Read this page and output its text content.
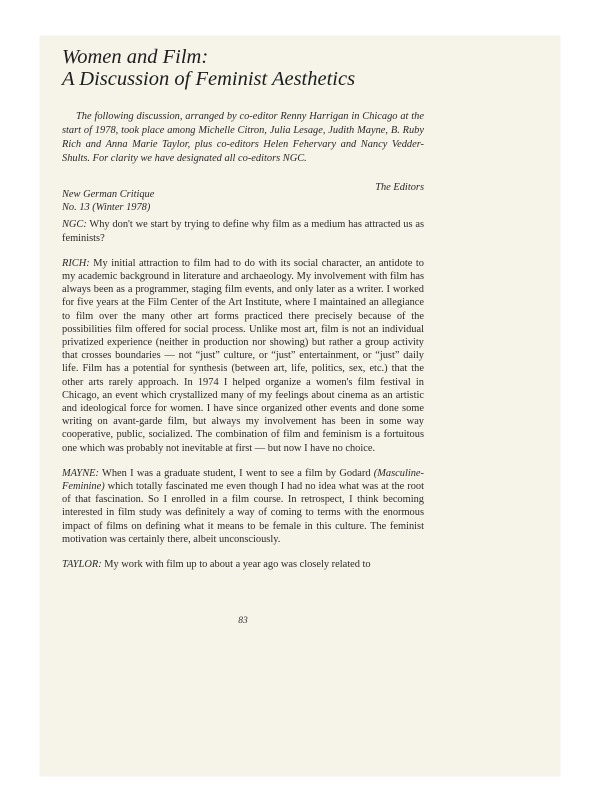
Women and Film:
A Discussion of Feminist Aesthetics

The following discussion, arranged by co-editor Renny Harrigan in Chicago at the start of 1978, took place among Michelle Citron, Julia Lesage, Judith Mayne, B. Ruby Rich and Anna Marie Taylor, plus co-editors Helen Fehervary and Nancy Vedder-Shults. For clarity we have designated all co-editors NGC.

The Editors
New German Critique
No. 13 (Winter 1978)

NGC: Why don't we start by trying to define why film as a medium has attracted us as feminists?

RICH: My initial attraction to film had to do with its social character, an antidote to my academic background in literature and archaeology. My involvement with film has always been as a programmer, staging film events, and only later as a writer. I worked for five years at the Film Center of the Art Institute, where I maintained an allegiance to film over the many other art forms practiced there precisely because of the possibilities film offered for social process. Unlike most art, film is not an individual privatized experience (neither in production nor showing) but rather a group activity that crosses boundaries — not “just” culture, or “just” entertainment, or “just” daily life. Film has a potential for synthesis (between art, life, politics, sex, etc.) that the other arts rarely approach. In 1974 I helped organize a women's film festival in Chicago, an event which crystallized many of my feelings about cinema as an artistic and ideological force for women. I have since organized other events and done some writing on avant-garde film, but always my involvement has been in some way cooperative, public, socialized. The combination of film and feminism is a fortuitous one which was probably not inevitable at first — but now I have no choice.

MAYNE: When I was a graduate student, I went to see a film by Godard (Masculine-Feminine) which totally fascinated me even though I had no idea what was at the root of that fascination. So I enrolled in a film course. In retrospect, I think becoming interested in film study was definitely a way of coming to terms with the enormous impact of films on defining what it means to be female in this culture. The feminist motivation was certainly there, albeit unconsciously.

TAYLOR: My work with film up to about a year ago was closely related to

83
